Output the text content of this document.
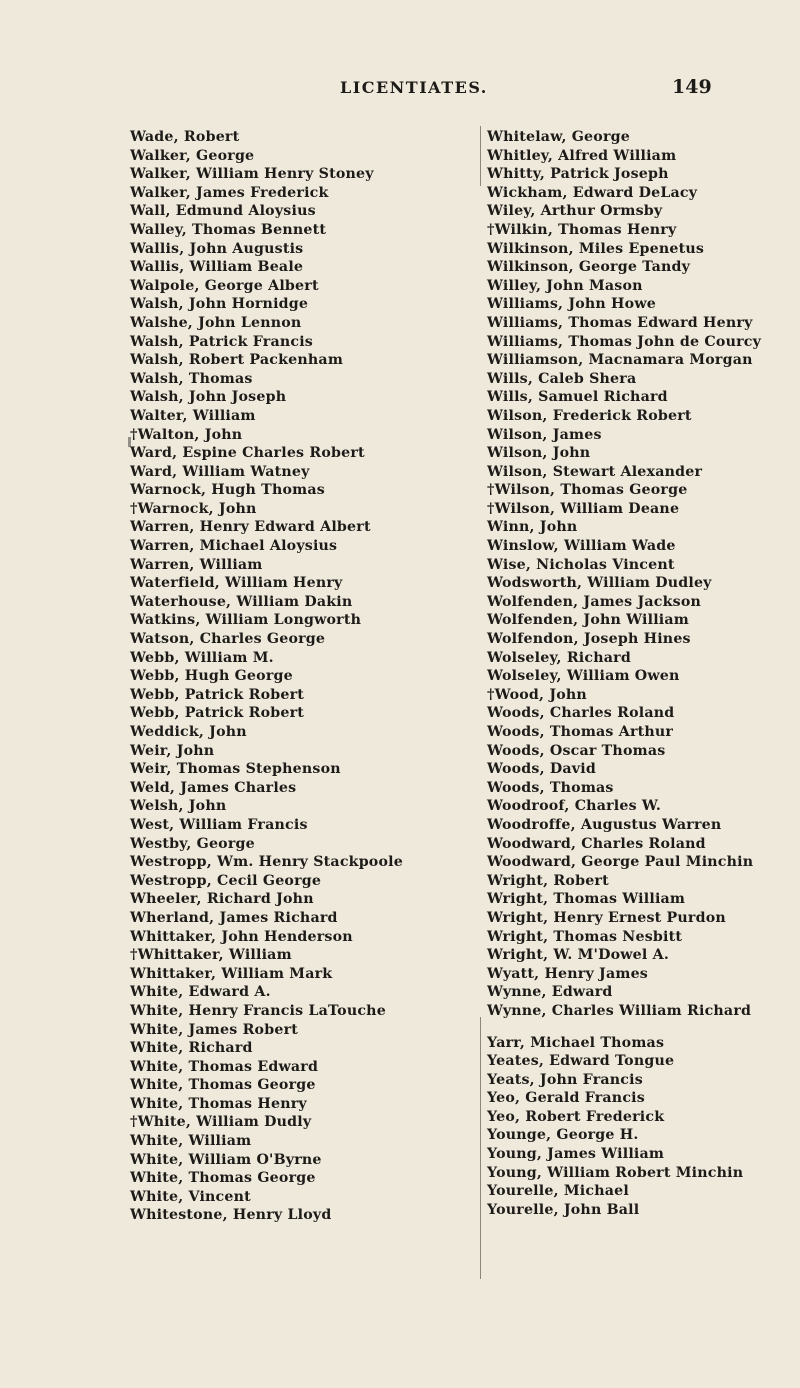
LICENTIATES.	149
Wade, Robert
Walker, George
Walker, William Henry Stoney
Walker, James Frederick
Wall, Edmund Aloysius
Walley, Thomas Bennett
Wallis, John Augustis
Wallis, William Beale
Walpole, George Albert
Walsh, John Hornidge
Walshe, John Lennon
Walsh, Patrick Francis
Walsh, Robert Packenham
Walsh, Thomas
Walsh, John Joseph
Walter, William
†Walton, John
Ward, Espine Charles Robert
Ward, William Watney
Warnock, Hugh Thomas
†Warnock, John
Warren, Henry Edward Albert
Warren, Michael Aloysius
Warren, William
Waterfield, William Henry
Waterhouse, William Dakin
Watkins, William Longworth
Watson, Charles George
Webb, William M.
Webb, Hugh George
Webb, Patrick Robert
Webb, Patrick Robert
Weddick, John
Weir, John
Weir, Thomas Stephenson
Weld, James Charles
Welsh, John
West, William Francis
Westby, George
Westropp, Wm. Henry Stackpoole
Westropp, Cecil George
Wheeler, Richard John
Wherland, James Richard
Whittaker, John Henderson
†Whittaker, William
Whittaker, William Mark
White, Edward A.
White, Henry Francis LaTouche
White, James Robert
White, Richard
White, Thomas Edward
White, Thomas George
White, Thomas Henry
†White, William Dudly
White, William
White, William O'Byrne
White, Thomas George
White, Vincent
Whitestone, Henry Lloyd
Whitelaw, George
Whitley, Alfred William
Whitty, Patrick Joseph
Wickham, Edward DeLacy
Wiley, Arthur Ormsby
†Wilkin, Thomas Henry
Wilkinson, Miles Epenetus
Wilkinson, George Tandy
Willey, John Mason
Williams, John Howe
Williams, Thomas Edward Henry
Williams, Thomas John de Courcy
Williamson, Macnamara Morgan
Wills, Caleb Shera
Wills, Samuel Richard
Wilson, Frederick Robert
Wilson, James
Wilson, John
Wilson, Stewart Alexander
†Wilson, Thomas George
†Wilson, William Deane
Winn, John
Winslow, William Wade
Wise, Nicholas Vincent
Wodsworth, William Dudley
Wolfenden, James Jackson
Wolfenden, John William
Wolfendon, Joseph Hines
Wolseley, Richard
Wolseley, William Owen
†Wood, John
Woods, Charles Roland
Woods, Thomas Arthur
Woods, Oscar Thomas
Woods, David
Woods, Thomas
Woodroof, Charles W.
Woodroffe, Augustus Warren
Woodward, Charles Roland
Woodward, George Paul Minchin
Wright, Robert
Wright, Thomas William
Wright, Henry Ernest Purdon
Wright, Thomas Nesbitt
Wright, W. M'Dowel A.
Wyatt, Henry James
Wynne, Edward
Wynne, Charles William Richard
Yarr, Michael Thomas
Yeates, Edward Tongue
Yeats, John Francis
Yeo, Gerald Francis
Yeo, Robert Frederick
Younge, George H.
Young, James William
Young, William Robert Minchin
Yourelle, Michael
Yourelle, John Ball
